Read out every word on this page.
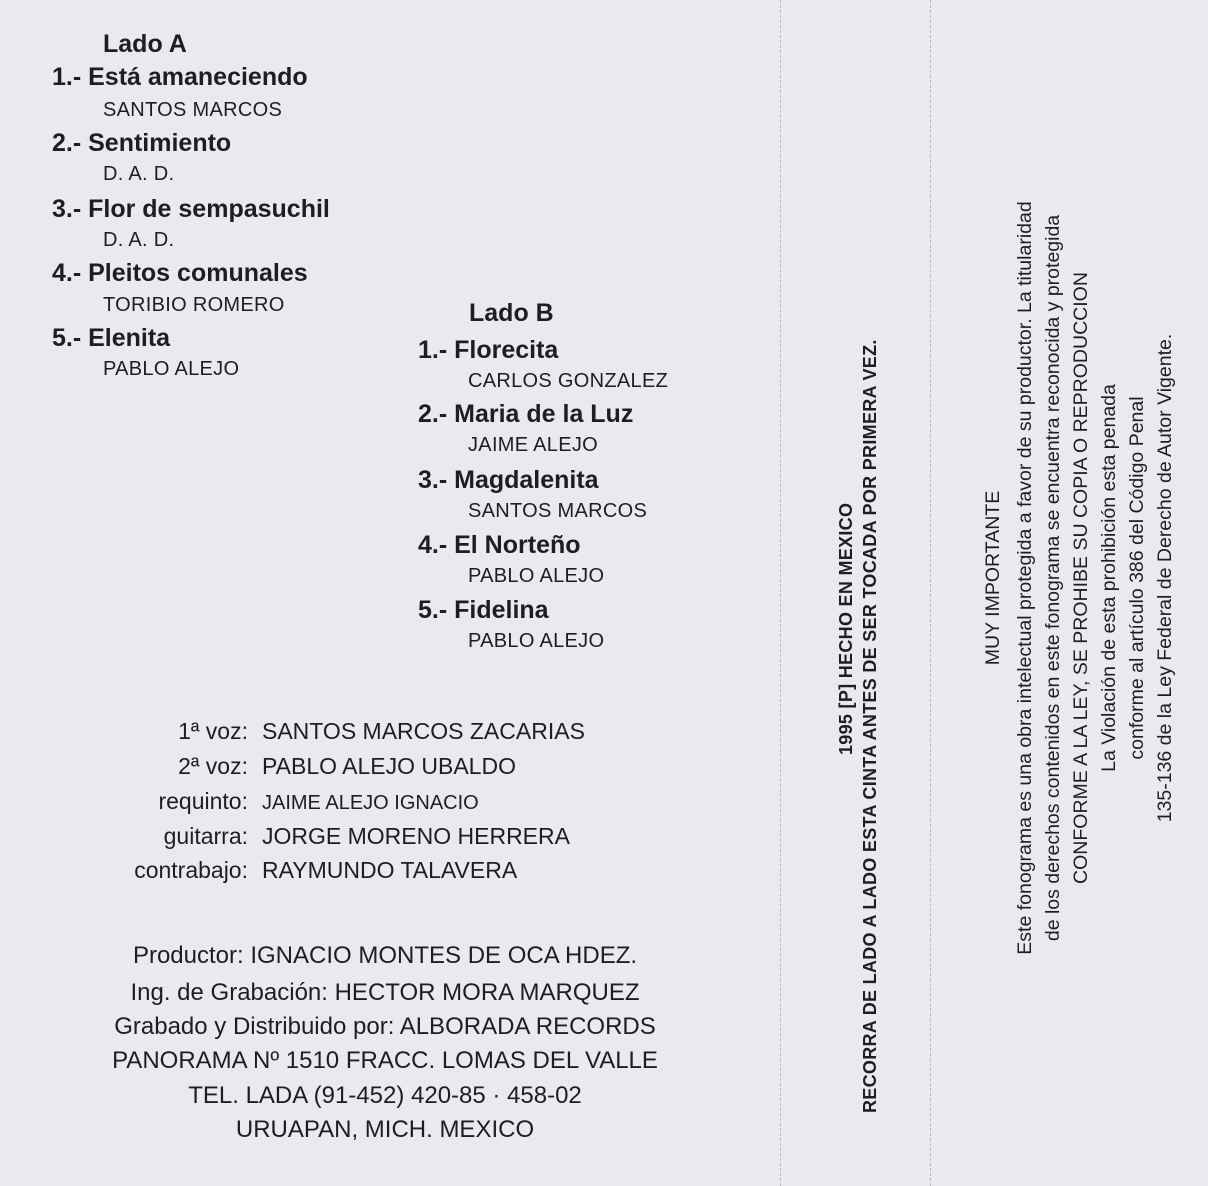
Lado A
1.- Está amaneciendo
SANTOS MARCOS
2.- Sentimiento
D. A. D.
3.- Flor de sempasuchil
D. A. D.
4.- Pleitos comunales
TORIBIO ROMERO
5.- Elenita
PABLO ALEJO
Lado B
1.- Florecita
CARLOS GONZALEZ
2.- Maria de la Luz
JAIME ALEJO
3.- Magdalenita
SANTOS MARCOS
4.- El Norteño
PABLO ALEJO
5.- Fidelina
PABLO ALEJO
1ª voz: SANTOS MARCOS ZACARIAS
2ª voz: PABLO ALEJO UBALDO
requinto: JAIME ALEJO IGNACIO
guitarra: JORGE MORENO HERRERA
contrabajo: RAYMUNDO TALAVERA
Productor: IGNACIO MONTES DE OCA HDEZ.
Ing. de Grabación: HECTOR MORA MARQUEZ
Grabado y Distribuido por: ALBORADA RECORDS
PANORAMA Nº 1510 FRACC. LOMAS DEL VALLE
TEL. LADA (91-452) 420-85 · 458-02
URUAPAN, MICH. MEXICO
1995 [P] HECHO EN MEXICO RECORRA DE LADO A LADO ESTA CINTA ANTES DE SER TOCADA POR PRIMERA VEZ.	MUY IMPORTANTE Este fonograma es una obra intelectual protegida a favor de su productor. La titularidad de los derechos contenidos en este fonograma se encuentra reconocida y protegida CONFORME A LA LEY, SE PROHIBE SU COPIA O REPRODUCCION La Violación de esta prohibición esta penada conforme al artículo 386 del Código Penal 135-136 de la Ley Federal de Derecho de Autor Vigente.
